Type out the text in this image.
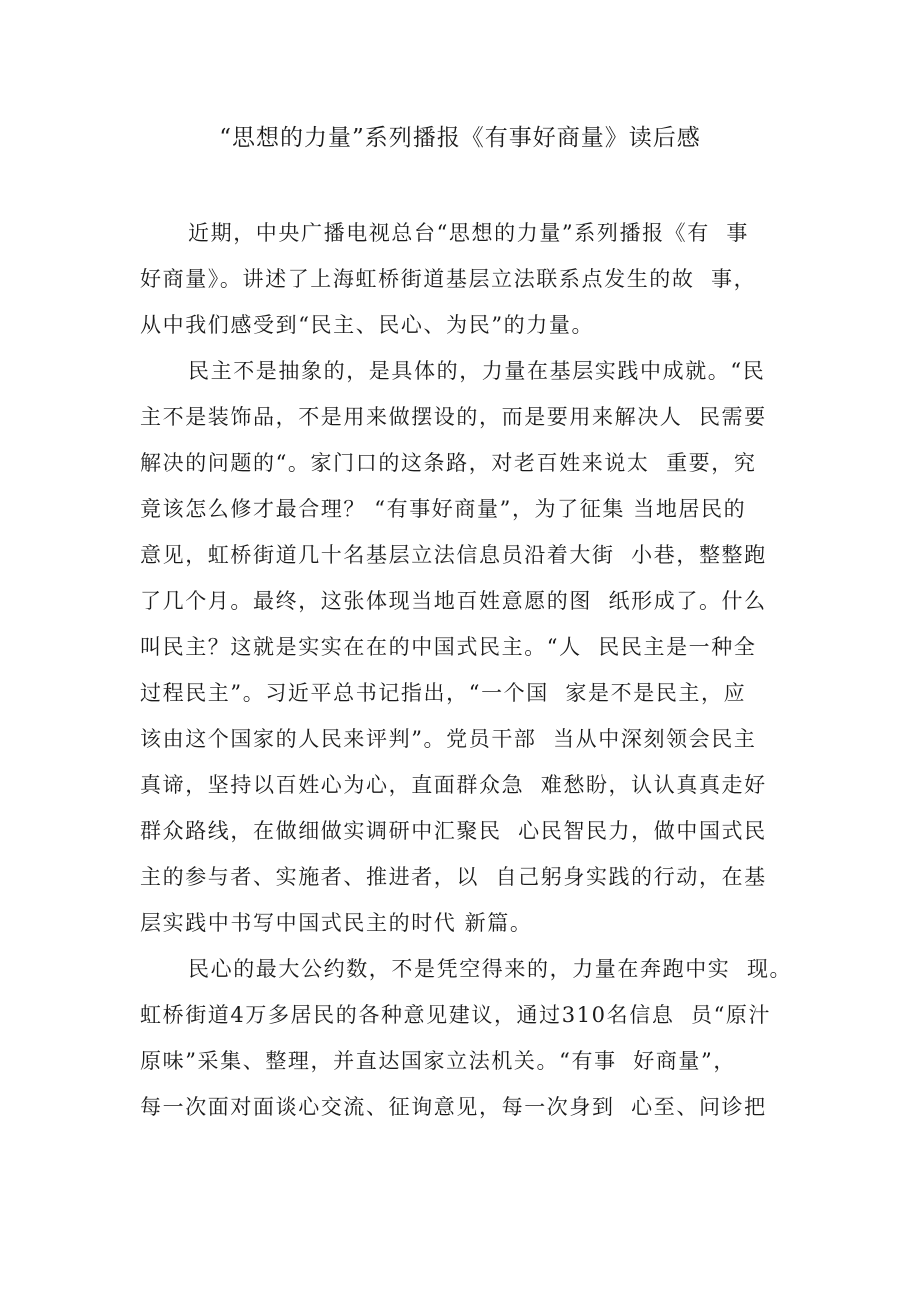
“思想的力量”系列播报《有事好商量》读后感
近期，中央广播电视总台“思想的力量”系列播报《有  事
好商量》。讲述了上海虹桥街道基层立法联系点发生的故  事，
从中我们感受到“民主、民心、为民”的力量。
民主不是抽象的，是具体的，力量在基层实践中成就。“民
主不是装饰品，不是用来做摆设的，而是要用来解决人  民需要
解决的问题的“。家门口的这条路，对老百姓来说太  重要，究
竟该怎么修才最合理？ “有事好商量”，为了征集 当地居民的
意见，虹桥街道几十名基层立法信息员沿着大街  小巷，整整跑
了几个月。最终，这张体现当地百姓意愿的图  纸形成了。什么
叫民主？这就是实实在在的中国式民主。“人  民民主是一种全
过程民主”。习近平总书记指出，“一个国  家是不是民主，应
该由这个国家的人民来评判”。党员干部  当从中深刻领会民主
真谛，坚持以百姓心为心，直面群众急  难愁盼，认认真真走好
群众路线，在做细做实调研中汇聚民  心民智民力，做中国式民
主的参与者、实施者、推进者，以  自己躬身实践的行动，在基
层实践中书写中国式民主的时代 新篇。
民心的最大公约数，不是凭空得来的，力量在奔跑中实  现。
虹桥街道4万多居民的各种意见建议，通过310名信息  员“原汁
原味”采集、整理，并直达国家立法机关。“有事  好商量”，
每一次面对面谈心交流、征询意见，每一次身到  心至、问诊把
